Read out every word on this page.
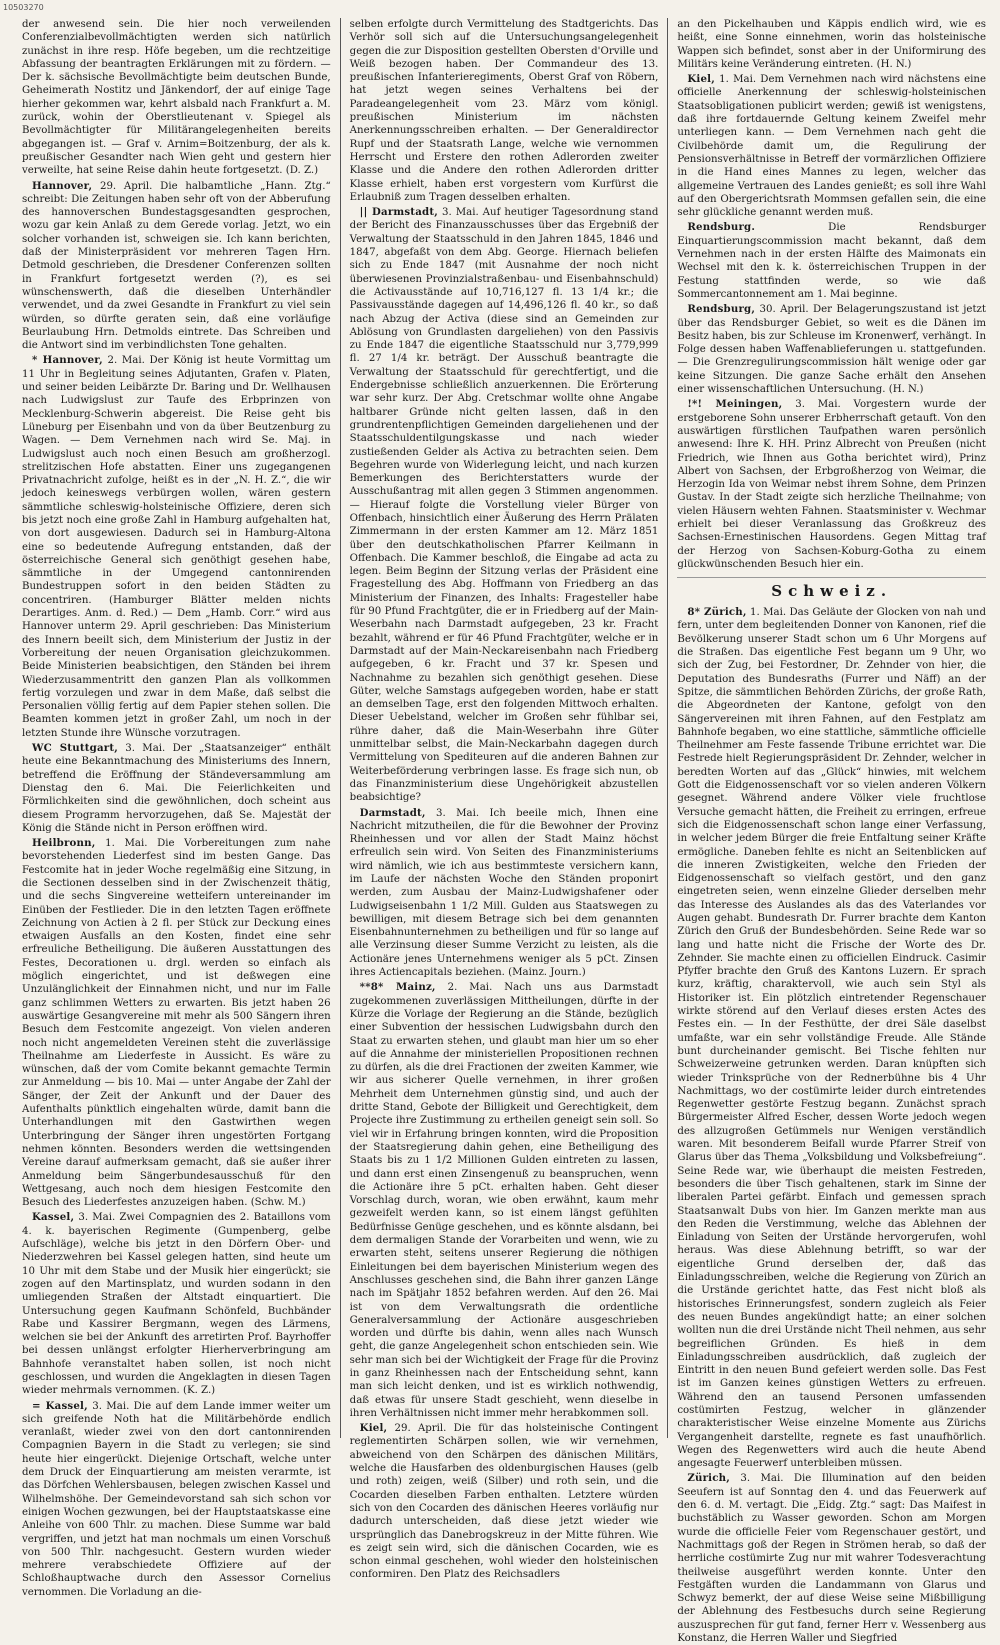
10503270

der anwesend sein. Die hier noch verweilenden Conferenzialbevollmächtigten werden sich natürlich zunächst in ihre resp. Höfe begeben, um die rechtzeitige Abfassung der beantragten Erklärungen mit zu fördern. — Der k. sächsische Bevollmächtigte beim deutschen Bunde, Geheimerath Nostitz und Jänkendorf, der auf einige Tage hierher gekommen war, kehrt alsbald nach Frankfurt a. M. zurück, wohin der Oberstlieutenant v. Spiegel als Bevollmächtigter für Militärangelegenheiten bereits abgegangen ist. — Graf v. Arnim=Boitzenburg, der als k. preußischer Gesandter nach Wien geht und gestern hier verweilte, hat seine Reise dahin heute fortgesetzt. (D. Z.)

Hannover, 29. April. Die halbamtliche „Hann. Ztg.“ schreibt: Die Zeitungen haben sehr oft von der Abberufung des hannoverschen Bundestagsgesandten gesprochen, wozu gar kein Anlaß zu dem Gerede vorlag. Jetzt, wo ein solcher vorhanden ist, schweigen sie. Ich kann berichten, daß der Ministerpräsident vor mehreren Tagen Hrn. Detmold geschrieben, die Dresdener Conferenzen sollten in Frankfurt fortgesetzt werden (?), es sei wünschenswerth, daß die dieselben Unterhändler verwendet, und da zwei Gesandte in Frankfurt zu viel sein würden, so dürfte geraten sein, daß eine vorläufige Beurlaubung Hrn. Detmolds eintrete. Das Schreiben und die Antwort sind im verbindlichsten Tone gehalten.

* Hannover, 2. Mai. Der König ist heute Vormittag um 11 Uhr in Begleitung seines Adjutanten, Grafen v. Platen, und seiner beiden Leibärzte Dr. Baring und Dr. Wellhausen nach Ludwigslust zur Taufe des Erbprinzen von Mecklenburg-Schwerin abgereist. Die Reise geht bis Lüneburg per Eisenbahn und von da über Beutzenburg zu Wagen. — Dem Vernehmen nach wird Se. Maj. in Ludwigslust auch noch einen Besuch am großherzogl. strelitzischen Hofe abstatten. Einer uns zugegangenen Privatnachricht zufolge, heißt es in der „N. H. Z.“, die wir jedoch keineswegs verbürgen wollen, wären gestern sämmtliche schleswig-holsteinische Offiziere, deren sich bis jetzt noch eine große Zahl in Hamburg aufgehalten hat, von dort ausgewiesen. Dadurch sei in Hamburg-Altona eine so bedeutende Aufregung entstanden, daß der österreichische General sich genöthigt gesehen habe, sämmtliche in der Umgegend cantonnirenden Bundestruppen sofort in den beiden Städten zu concentriren. (Hamburger Blätter melden nichts Derartiges. Anm. d. Red.) — Dem „Hamb. Corr.“ wird aus Hannover unterm 29. April geschrieben: Das Ministerium des Innern beeilt sich, dem Ministerium der Justiz in der Vorbereitung der neuen Organisation gleichzukommen. Beide Ministerien beabsichtigen, den Ständen bei ihrem Wiederzusammentritt den ganzen Plan als vollkommen fertig vorzulegen und zwar in dem Maße, daß selbst die Personalien völlig fertig auf dem Papier stehen sollen. Die Beamten kommen jetzt in großer Zahl, um noch in der letzten Stunde ihre Wünsche vorzutragen.

WC Stuttgart, 3. Mai. Der „Staatsanzeiger“ enthält heute eine Bekanntmachung des Ministeriums des Innern, betreffend die Eröffnung der Ständeversammlung am Dienstag den 6. Mai. Die Feierlichkeiten und Förmlichkeiten sind die gewöhnlichen, doch scheint aus diesem Programm hervorzugehen, daß Se. Majestät der König die Stände nicht in Person eröffnen wird.

Heilbronn, 1. Mai. Die Vorbereitungen zum nahe bevorstehenden Liederfest sind im besten Gange. Das Festcomite hat in jeder Woche regelmäßig eine Sitzung, in die Sectionen desselben sind in der Zwischenzeit thätig, und die sechs Singvereine wetteifern untereinander im Einüben der Festlieder. Die in den letzten Tagen eröffnete Zeichnung von Actien à 2 fl. per Stück zur Deckung eines etwaigen Ausfalls an den Kosten, findet eine sehr erfreuliche Betheiligung. Die äußeren Ausstattungen des Festes, Decorationen u. drgl. werden so einfach als möglich eingerichtet, und ist deßwegen eine Unzulänglichkeit der Einnahmen nicht, und nur im Falle ganz schlimmen Wetters zu erwarten. Bis jetzt haben 26 auswärtige Gesangvereine mit mehr als 500 Sängern ihren Besuch dem Festcomite angezeigt. Von vielen anderen noch nicht angemeldeten Vereinen steht die zuverlässige Theilnahme am Liederfeste in Aussicht. Es wäre zu wünschen, daß der vom Comite bekannt gemachte Termin zur Anmeldung — bis 10. Mai — unter Angabe der Zahl der Sänger, der Zeit der Ankunft und der Dauer des Aufenthalts pünktlich eingehalten würde, damit bann die Unterhandlungen mit den Gastwirthen wegen Unterbringung der Sänger ihren ungestörten Fortgang nehmen könnten. Besonders werden die wettsingenden Vereine darauf aufmerksam gemacht, daß sie außer ihrer Anmeldung beim Sängerbundesausschuß für den Wettgesang, auch noch dem hiesigen Festcomite den Besuch des Liederfestes anzuzeigen haben. (Schw. M.)

Kassel, 3. Mai. Zwei Compagnien des 2. Bataillons vom 4. k. bayerischen Regimente (Gumpenberg, gelbe Aufschläge), welche bis jetzt in den Dörfern Ober- und Niederzwehren bei Kassel gelegen hatten, sind heute um 10 Uhr mit dem Stabe und der Musik hier eingerückt; sie zogen auf den Martinsplatz, und wurden sodann in den umliegenden Straßen der Altstadt einquartiert. Die Untersuchung gegen Kaufmann Schönfeld, Buchbänder Rabe und Kassirer Bergmann, wegen des Lärmens, welchen sie bei der Ankunft des arretirten Prof. Bayrhoffer bei dessen unlängst erfolgter Hierherverbringung am Bahnhofe veranstaltet haben sollen, ist noch nicht geschlossen, und wurden die Angeklagten in diesen Tagen wieder mehrmals vernommen. (K. Z.)

= Kassel, 3. Mai. Die auf dem Lande immer weiter um sich greifende Noth hat die Militärbehörde endlich veranlaßt, wieder zwei von den dort cantonnirenden Compagnien Bayern in die Stadt zu verlegen; sie sind heute hier eingerückt. Diejenige Ortschaft, welche unter dem Druck der Einquartierung am meisten verarmte, ist das Dörfchen Wehlersbausen, belegen zwischen Kassel und Wilhelmshöhe. Der Gemeindevorstand sah sich schon vor einigen Wochen gezwungen, bei der Hauptstaatskasse eine Anleihe von 600 Thlr. zu machen. Diese Summe war bald vergriffen, und jetzt hat man nochmals um einen Vorschuß von 500 Thlr. nachgesucht. Gestern wurden wieder mehrere verabschiedete Offiziere auf der Schloßhauptwache durch den Assessor Cornelius vernommen. Die Vorladung an die-

selben erfolgte durch Vermittelung des Stadtgerichts. Das Verhör soll sich auf die Untersuchungsangelegenheit gegen die zur Disposition gestellten Obersten d'Orville und Weiß bezogen haben. Der Commandeur des 13. preußischen Infanterieregiments, Oberst Graf von Röbern, hat jetzt wegen seines Verhaltens bei der Paradeangelegenheit vom 23. März vom königl. preußischen Ministerium im nächsten Anerkennungsschreiben erhalten. — Der Generaldirector Rupf und der Staatsrath Lange, welche wie vernommen Herrscht und Erstere den rothen Adlerorden zweiter Klasse und die Andere den rothen Adlerorden dritter Klasse erhielt, haben erst vorgestern vom Kurfürst die Erlaubniß zum Tragen desselben erhalten.

|| Darmstadt, 3. Mai. Auf heutiger Tagesordnung stand der Bericht des Finanzausschusses über das Ergebniß der Verwaltung der Staatsschuld in den Jahren 1845, 1846 und 1847, abgefaßt von dem Abg. George. Hiernach beliefen sich zu Ende 1847 (mit Ausnahme der noch nicht überwiesenen Provinzialstraßenbau- und Eisenbahnschuld) die Activausstände auf 10,716,127 fl. 13 1/4 kr.; die Passivausstände dagegen auf 14,496,126 fl. 40 kr., so daß nach Abzug der Activa (diese sind an Gemeinden zur Ablösung von Grundlasten dargeliehen) von den Passivis zu Ende 1847 die eigentliche Staatsschuld nur 3,779,999 fl. 27 1/4 kr. beträgt. Der Ausschuß beantragte die Verwaltung der Staatsschuld für gerechtfertigt, und die Endergebnisse schließlich anzuerkennen. Die Erörterung war sehr kurz. Der Abg. Cretschmar wollte ohne Angabe haltbarer Gründe nicht gelten lassen, daß in den grundrentenpflichtigen Gemeinden dargeliehenen und der Staatsschuldentilgungskasse und nach wieder zustießenden Gelder als Activa zu betrachten seien. Dem Begehren wurde von Widerlegung leicht, und nach kurzen Bemerkungen des Berichterstatters wurde der Ausschußantrag mit allen gegen 3 Stimmen angenommen. — Hierauf folgte die Vorstellung vieler Bürger von Offenbach, hinsichtlich einer Äußerung des Herrn Prälaten Zimmermann in der ersten Kammer am 12. März 1851 über den deutschkatholischen Pfarrer Keilmann in Offenbach. Die Kammer beschloß, die Eingabe ad acta zu legen. Beim Beginn der Sitzung verlas der Präsident eine Fragestellung des Abg. Hoffmann von Friedberg an das Ministerium der Finanzen, des Inhalts: Fragesteller habe für 90 Pfund Frachtgüter, die er in Friedberg auf der Main-Weserbahn nach Darmstadt aufgegeben, 23 kr. Fracht bezahlt, während er für 46 Pfund Frachtgüter, welche er in Darmstadt auf der Main-Neckareisenbahn nach Friedberg aufgegeben, 6 kr. Fracht und 37 kr. Spesen und Nachnahme zu bezahlen sich genöthigt gesehen. Diese Güter, welche Samstags aufgegeben worden, habe er statt an demselben Tage, erst den folgenden Mittwoch erhalten. Dieser Uebelstand, welcher im Großen sehr fühlbar sei, rühre daher, daß die Main-Weserbahn ihre Güter unmittelbar selbst, die Main-Neckarbahn dagegen durch Vermittelung von Spediteuren auf die anderen Bahnen zur Weiterbeförderung verbringen lasse. Es frage sich nun, ob das Finanzministerium diese Ungehörigkeit abzustellen beabsichtige?

Darmstadt, 3. Mai. Ich beeile mich, Ihnen eine Nachricht mitzutheilen, die für die Bewohner der Provinz Rheinhessen und vor allen der Stadt Mainz höchst erfreulich sein wird. Von Seiten des Finanzministeriums wird nämlich, wie ich aus bestimmteste versichern kann, im Laufe der nächsten Woche den Ständen proponirt werden, zum Ausbau der Mainz-Ludwigshafener oder Ludwigseisenbahn 1 1/2 Mill. Gulden aus Staatswegen zu bewilligen, mit diesem Betrage sich bei dem genannten Eisenbahnunternehmen zu betheiligen und für so lange auf alle Verzinsung dieser Summe Verzicht zu leisten, als die Actionäre jenes Unternehmens weniger als 5 pCt. Zinsen ihres Actiencapitals beziehen. (Mainz. Journ.)

**8* Mainz, 2. Mai. Nach uns aus Darmstadt zugekommenen zuverlässigen Mittheilungen, dürfte in der Kürze die Vorlage der Regierung an die Stände, bezüglich einer Subvention der hessischen Ludwigsbahn durch den Staat zu erwarten stehen, und glaubt man hier um so eher auf die Annahme der ministeriellen Propositionen rechnen zu dürfen, als die drei Fractionen der zweiten Kammer, wie wir aus sicherer Quelle vernehmen, in ihrer großen Mehrheit dem Unternehmen günstig sind, und auch der dritte Stand, Gebote der Billigkeit und Gerechtigkeit, dem Projecte ihre Zustimmung zu ertheilen geneigt sein soll. So viel wir in Erfahrung bringen konnten, wird die Proposition der Staatsregierung dahin gehen, eine Betheiligung des Staats bis zu 1 1/2 Millionen Gulden eintreten zu lassen, und dann erst einen Zinsengenuß zu beanspruchen, wenn die Actionäre ihre 5 pCt. erhalten haben. Geht dieser Vorschlag durch, woran, wie oben erwähnt, kaum mehr gezweifelt werden kann, so ist einem längst gefühlten Bedürfnisse Genüge geschehen, und es könnte alsdann, bei dem dermaligen Stande der Vorarbeiten und wenn, wie zu erwarten steht, seitens unserer Regierung die nöthigen Einleitungen bei dem bayerischen Ministerium wegen des Anschlusses geschehen sind, die Bahn ihrer ganzen Länge nach im Spätjahr 1852 befahren werden. Auf den 26. Mai ist von dem Verwaltungsrath die ordentliche Generalversammlung der Actionäre ausgeschrieben worden und dürfte bis dahin, wenn alles nach Wunsch geht, die ganze Angelegenheit schon entschieden sein. Wie sehr man sich bei der Wichtigkeit der Frage für die Provinz in ganz Rheinhessen nach der Entscheidung sehnt, kann man sich leicht denken, und ist es wirklich nothwendig, daß etwas für unsere Stadt geschieht, wenn dieselbe in ihren Verhältnissen nicht immer mehr herabkommen soll.

Kiel, 29. April. Die für das holsteinische Contingent reglementirten Schärpen sollen, wie wir vernehmen, abweichend von den Schärpen des dänischen Militärs, welche die Hausfarben des oldenburgischen Hauses (gelb und roth) zeigen, weiß (Silber) und roth sein, und die Cocarden dieselben Farben enthalten. Letztere würden sich von den Cocarden des dänischen Heeres vorläufig nur dadurch unterscheiden, daß diese jetzt wieder wie ursprünglich das Danebrogskreuz in der Mitte führen. Wie es zeigt sein wird, sich die dänischen Cocarden, wie es schon einmal geschehen, wohl wieder den holsteinischen conformiren. Den Platz des Reichsadlers

an den Pickelhauben und Käppis endlich wird, wie es heißt, eine Sonne einnehmen, worin das holsteinische Wappen sich befindet, sonst aber in der Uniformirung des Militärs keine Veränderung eintreten. (H. N.)

Kiel, 1. Mai. Dem Vernehmen nach wird nächstens eine officielle Anerkennung der schleswig-holsteinischen Staatsobligationen publicirt werden; gewiß ist wenigstens, daß ihre fortdauernde Geltung keinem Zweifel mehr unterliegen kann. — Dem Vernehmen nach geht die Civilbehörde damit um, die Regulirung der Pensionsverhältnisse in Betreff der vormärzlichen Offiziere in die Hand eines Mannes zu legen, welcher das allgemeine Vertrauen des Landes genießt; es soll ihre Wahl auf den Obergerichtsrath Mommsen gefallen sein, die eine sehr glückliche genannt werden muß.

Rendsburg.	Die Rendsburger Einquartierungscommission macht bekannt, daß dem Vernehmen nach in der ersten Hälfte des Maimonats ein Wechsel mit den k. k. österreichischen Truppen in der Festung stattfinden werde, so wie daß Sommercantonnement am 1. Mai beginne.

Rendsburg, 30. April. Der Belagerungszustand ist jetzt über das Rendsburger Gebiet, so weit es die Dänen im Besitz haben, bis zur Schleuse im Kronenwerf, verhängt. In Folge dessen haben Waffenablieferungen u. stattgefunden. — Die Grenzregulirungscommission hält wenige oder gar keine Sitzungen. Die ganze Sache erhält den Ansehen einer wissenschaftlichen Untersuchung. (H. N.)

!*! Meiningen, 3. Mai. Vorgestern wurde der erstgeborene Sohn unserer Erbherrschaft getauft. Von den auswärtigen fürstlichen Taufpathen waren persönlich anwesend: Ihre K. HH. Prinz Albrecht von Preußen (nicht Friedrich, wie Ihnen aus Gotha berichtet wird), Prinz Albert von Sachsen, der Erbgroßherzog von Weimar, die Herzogin Ida von Weimar nebst ihrem Sohne, dem Prinzen Gustav. In der Stadt zeigte sich herzliche Theilnahme; von vielen Häusern wehten Fahnen. Staatsminister v. Wechmar erhielt bei dieser Veranlassung das Großkreuz des Sachsen-Ernestinischen Hausordens. Gegen Mittag traf der Herzog von Sachsen-Koburg-Gotha zu einem glückwünschenden Besuch hier ein.

Schweiz.

8* Zürich, 1. Mai. Das Geläute der Glocken von nah und fern, unter dem begleitenden Donner von Kanonen, rief die Bevölkerung unserer Stadt schon um 6 Uhr Morgens auf die Straßen. Das eigentliche Fest begann um 9 Uhr, wo sich der Zug, bei Festordner, Dr. Zehnder von hier, die Deputation des Bundesraths (Furrer und Näff) an der Spitze, die sämmtlichen Behörden Zürichs, der große Rath, die Abgeordneten der Kantone, gefolgt von den Sängervereinen mit ihren Fahnen, auf den Festplatz am Bahnhofe begaben, wo eine stattliche, sämmtliche officielle Theilnehmer am Feste fassende Tribune errichtet war. Die Festrede hielt Regierungspräsident Dr. Zehnder, welcher in beredten Worten auf das „Glück“ hinwies, mit welchem Gott die Eidgenossenschaft vor so vielen anderen Völkern gesegnet. Während andere Völker viele fruchtlose Versuche gemacht hätten, die Freiheit zu erringen, erfreue sich die Eidgenossenschaft schon lange einer Verfassung, in welcher jedem Bürger die freie Entfaltung seiner Kräfte ermögliche. Daneben fehlte es nicht an Seitenblicken auf die inneren Zwistigkeiten, welche den Frieden der Eidgenossenschaft so vielfach gestört, und den ganz eingetreten seien, wenn einzelne Glieder derselben mehr das Interesse des Auslandes als das des Vaterlandes vor Augen gehabt. Bundesrath Dr. Furrer brachte dem Kanton Zürich den Gruß der Bundesbehörden. Seine Rede war so lang und hatte nicht die Frische der Worte des Dr. Zehnder. Sie machte einen zu officiellen Eindruck. Casimir Pfyffer brachte den Gruß des Kantons Luzern. Er sprach kurz, kräftig, charaktervoll, wie auch sein Styl als Historiker ist. Ein plötzlich eintretender Regenschauer wirkte störend auf den Verlauf dieses ersten Actes des Festes ein. — In der Festhütte, der drei Säle daselbst umfaßte, war ein sehr vollständige Freude. Alle Stände bunt durcheinander gemischt. Bei Tische fehlten nur Schweizerweine getrunken werden. Daran knüpften sich wieder Trinksprüche von der Rednerbühne bis 4 Uhr Nachmittags, wo der costümirte leider durch eintretendes Regenwetter gestörte Festzug begann. Zunächst sprach Bürgermeister Alfred Escher, dessen Worte jedoch wegen des allzugroßen Getümmels nur Wenigen verständlich waren. Mit besonderem Beifall wurde Pfarrer Streif von Glarus über das Thema „Volksbildung und Volksbefreiung“. Seine Rede war, wie überhaupt die meisten Festreden, besonders die über Tisch gehaltenen, stark im Sinne der liberalen Partei gefärbt. Einfach und gemessen sprach Staatsanwalt Dubs von hier. Im Ganzen merkte man aus den Reden die Verstimmung, welche das Ablehnen der Einladung von Seiten der Urstände hervorgerufen, wohl heraus. Was diese Ablehnung betrifft, so war der eigentliche Grund derselben der, daß das Einladungsschreiben, welche die Regierung von Zürich an die Urstände gerichtet hatte, das Fest nicht bloß als historisches Erinnerungsfest, sondern zugleich als Feier des neuen Bundes angekündigt hatte; an einer solchen wollten nun die drei Urstände nicht Theil nehmen, aus sehr begreiflichen Gründen. Es hieß in dem Einladungsschreiben ausdrücklich, daß zugleich der Eintritt in den neuen Bund gefeiert werden solle. Das Fest ist im Ganzen keines günstigen Wetters zu erfreuen. Während den an tausend Personen umfassenden costümirten Festzug, welcher in glänzender charakteristischer Weise einzelne Momente aus Zürichs Vergangenheit darstellte, regnete es fast unaufhörlich. Wegen des Regenwetters wird auch die heute Abend angesagte Feuerwerf unterbleiben müssen.

Zürich, 3. Mai. Die Illumination auf den beiden Seeufern ist auf Sonntag den 4. und das Feuerwerk auf den 6. d. M. vertagt. Die „Eidg. Ztg.“ sagt: Das Maifest in buchstäblich zu Wasser geworden. Schon am Morgen wurde die officielle Feier vom Regenschauer gestört, und Nachmittags goß der Regen in Strömen herab, so daß der herrliche costümirte Zug nur mit wahrer Todesverachtung theilweise ausgeführt werden konnte. Unter den Festgäften wurden die Landammann von Glarus und Schwyz bemerkt, der auf diese Weise seine Mißbilligung der Ablehnung des Festbesuchs durch seine Regierung auszusprechen für gut fand, ferner Herr v. Wessenberg aus Konstanz, die Herren Waller und Siegfried
